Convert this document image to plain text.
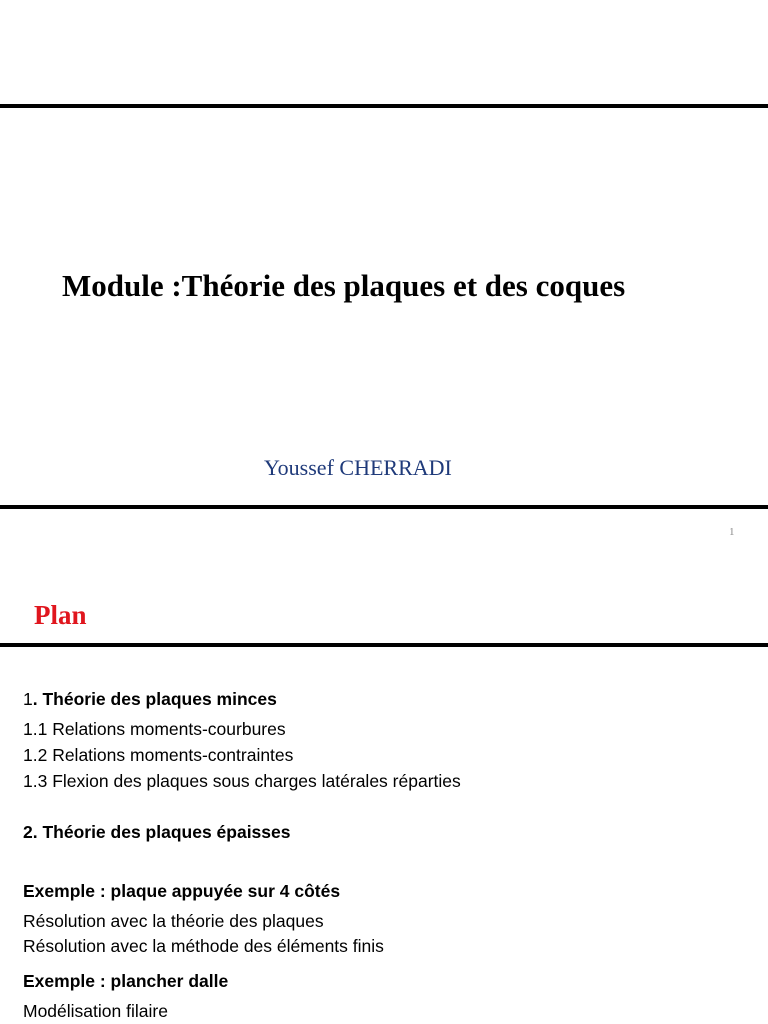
Module :Théorie des plaques et des coques
Youssef CHERRADI
1
Plan
1. Théorie des plaques minces
1.1 Relations moments-courbures
1.2 Relations moments-contraintes
1.3 Flexion des plaques sous charges latérales réparties
2. Théorie des plaques épaisses
Exemple : plaque appuyée sur 4 côtés
Résolution avec la théorie des plaques
Résolution avec la méthode des éléments finis
Exemple : plancher dalle
Modélisation filaire
